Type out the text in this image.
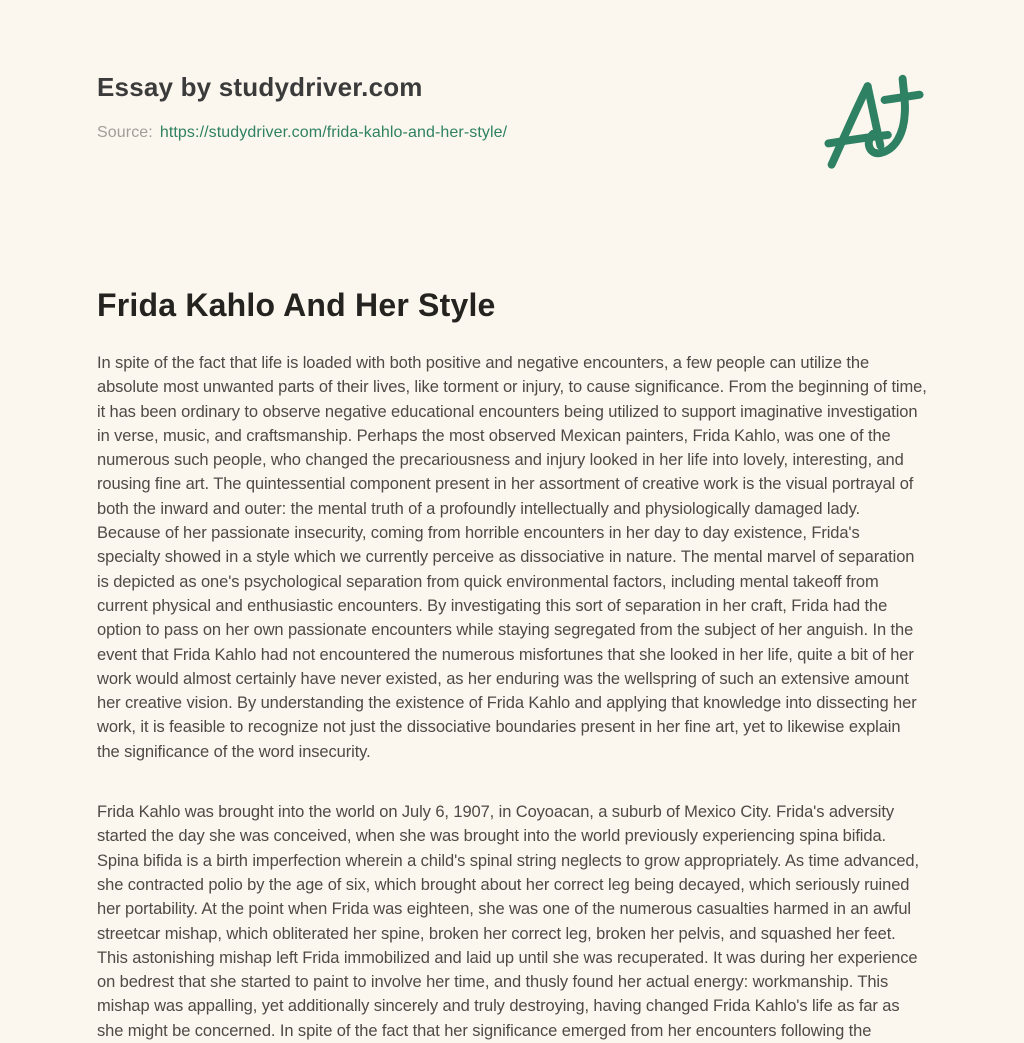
Essay by studydriver.com
Source: https://studydriver.com/frida-kahlo-and-her-style/
Frida Kahlo And Her Style

In spite of the fact that life is loaded with both positive and negative encounters, a few people can utilize the absolute most unwanted parts of their lives, like torment or injury, to cause significance. From the beginning of time, it has been ordinary to observe negative educational encounters being utilized to support imaginative investigation in verse, music, and craftsmanship. Perhaps the most observed Mexican painters, Frida Kahlo, was one of the numerous such people, who changed the precariousness and injury looked in her life into lovely, interesting, and rousing fine art. The quintessential component present in her assortment of creative work is the visual portrayal of both the inward and outer: the mental truth of a profoundly intellectually and physiologically damaged lady. Because of her passionate insecurity, coming from horrible encounters in her day to day existence, Frida's specialty showed in a style which we currently perceive as dissociative in nature. The mental marvel of separation is depicted as one's psychological separation from quick environmental factors, including mental takeoff from current physical and enthusiastic encounters. By investigating this sort of separation in her craft, Frida had the option to pass on her own passionate encounters while staying segregated from the subject of her anguish. In the event that Frida Kahlo had not encountered the numerous misfortunes that she looked in her life, quite a bit of her work would almost certainly have never existed, as her enduring was the wellspring of such an extensive amount her creative vision. By understanding the existence of Frida Kahlo and applying that knowledge into dissecting her work, it is feasible to recognize not just the dissociative boundaries present in her fine art, yet to likewise explain the significance of the word insecurity.

Frida Kahlo was brought into the world on July 6, 1907, in Coyoacan, a suburb of Mexico City. Frida's adversity started the day she was conceived, when she was brought into the world previously experiencing spina bifida. Spina bifida is a birth imperfection wherein a child's spinal string neglects to grow appropriately. As time advanced, she contracted polio by the age of six, which brought about her correct leg being decayed, which seriously ruined her portability. At the point when Frida was eighteen, she was one of the numerous casualties harmed in an awful streetcar mishap, which obliterated her spine, broken her correct leg, broken her pelvis, and squashed her feet. This astonishing mishap left Frida immobilized and laid up until she was recuperated. It was during her experience on bedrest that she started to paint to involve her time, and thusly found her actual energy: workmanship. This mishap was appalling, yet additionally sincerely and truly destroying, having changed Frida Kahlo's life as far as she might be concerned. In spite of the fact that her significance emerged from her encounters following the
